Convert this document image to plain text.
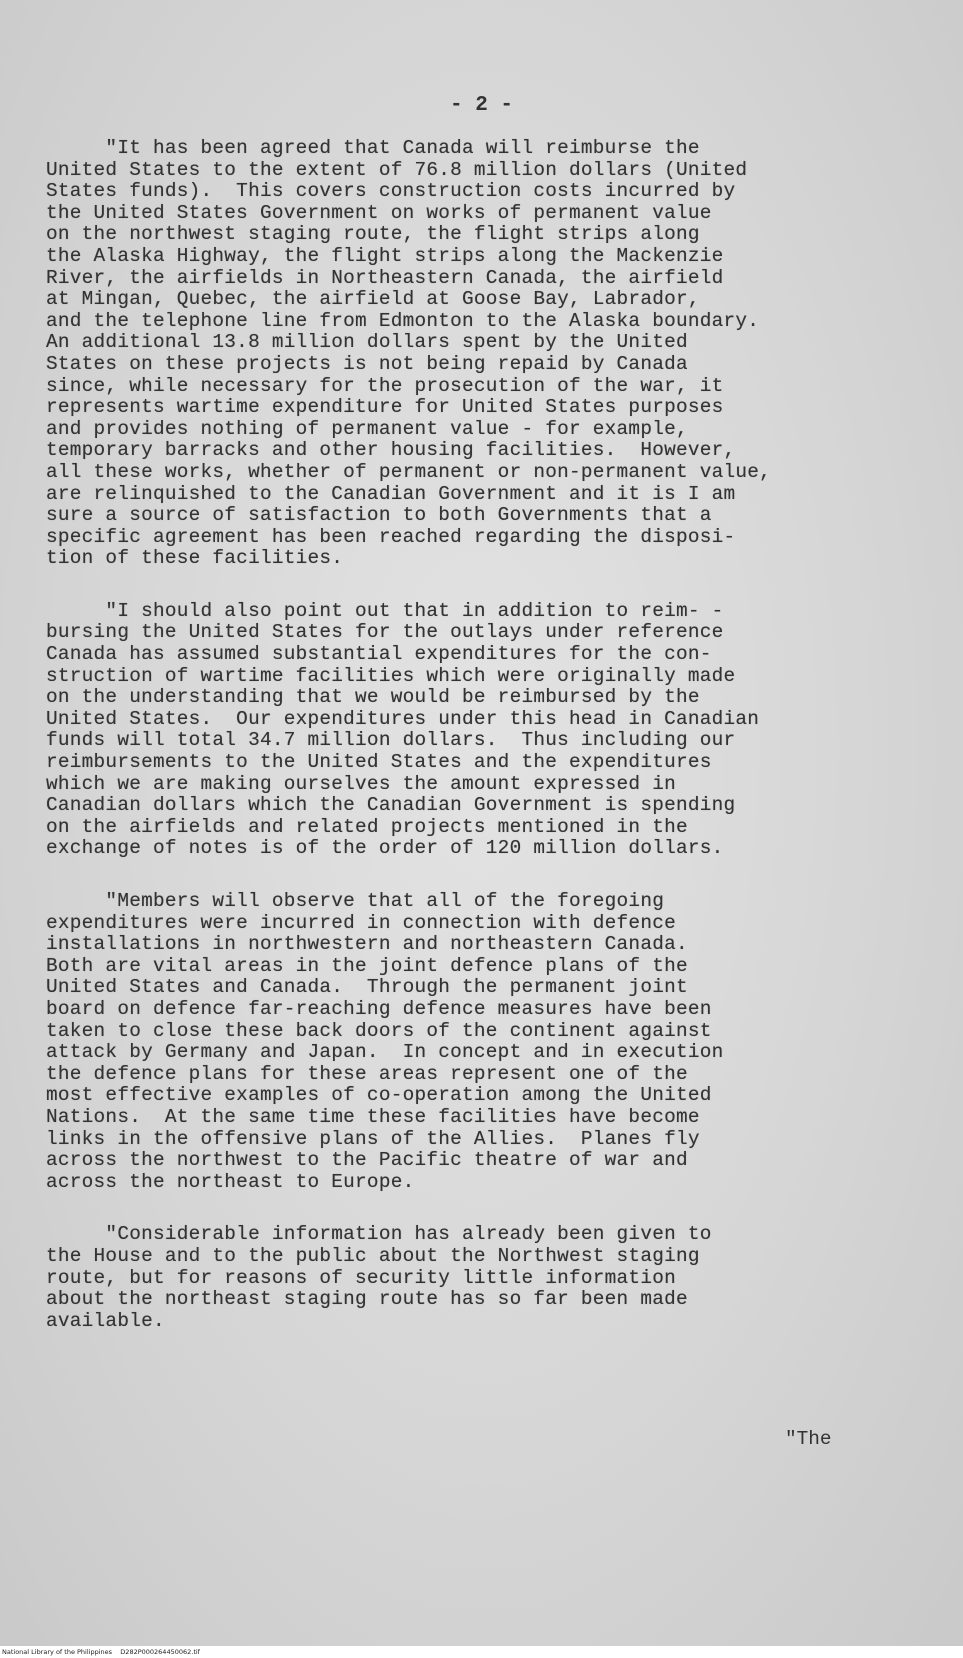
- 2 -
"It has been agreed that Canada will reimburse the
United States to the extent of 76.8 million dollars (United
States funds).  This covers construction costs incurred by
the United States Government on works of permanent value
on the northwest staging route, the flight strips along
the Alaska Highway, the flight strips along the Mackenzie
River, the airfields in Northeastern Canada, the airfield
at Mingan, Quebec, the airfield at Goose Bay, Labrador,
and the telephone line from Edmonton to the Alaska boundary.
An additional 13.8 million dollars spent by the United
States on these projects is not being repaid by Canada
since, while necessary for the prosecution of the war, it
represents wartime expenditure for United States purposes
and provides nothing of permanent value - for example,
temporary barracks and other housing facilities.  However,
all these works, whether of permanent or non-permanent value,
are relinquished to the Canadian Government and it is I am
sure a source of satisfaction to both Governments that a
specific agreement has been reached regarding the disposi-
tion of these facilities.
"I should also point out that in addition to reim- -
bursing the United States for the outlays under reference
Canada has assumed substantial expenditures for the con-
struction of wartime facilities which were originally made
on the understanding that we would be reimbursed by the
United States.  Our expenditures under this head in Canadian
funds will total 34.7 million dollars.  Thus including our
reimbursements to the United States and the expenditures
which we are making ourselves the amount expressed in
Canadian dollars which the Canadian Government is spending
on the airfields and related projects mentioned in the
exchange of notes is of the order of 120 million dollars.
"Members will observe that all of the foregoing
expenditures were incurred in connection with defence
installations in northwestern and northeastern Canada.
Both are vital areas in the joint defence plans of the
United States and Canada.  Through the permanent joint
board on defence far-reaching defence measures have been
taken to close these back doors of the continent against
attack by Germany and Japan.  In concept and in execution
the defence plans for these areas represent one of the
most effective examples of co-operation among the United
Nations.  At the same time these facilities have become
links in the offensive plans of the Allies.  Planes fly
across the northwest to the Pacific theatre of war and
across the northeast to Europe.
"Considerable information has already been given to
the House and to the public about the Northwest staging
route, but for reasons of security little information
about the northeast staging route has so far been made
available.
"The
National Library of the Philippines D282P000264450062.tif
